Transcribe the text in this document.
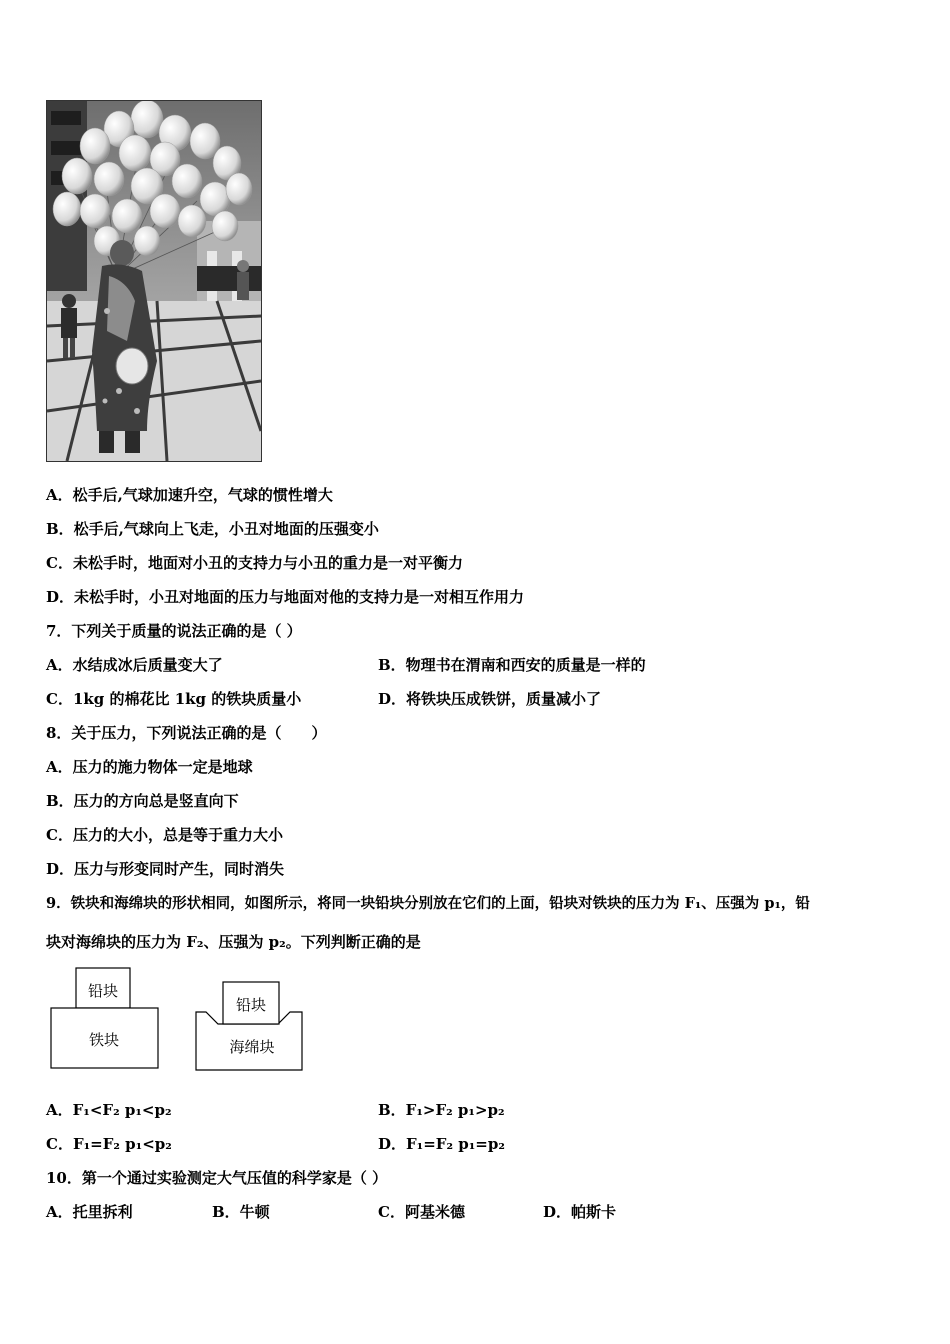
A．松手后,气球加速升空，气球的惯性增大
B．松手后,气球向上飞走，小丑对地面的压强变小
C．未松手时，地面对小丑的支持力与小丑的重力是一对平衡力
D．未松手时，小丑对地面的压力与地面对他的支持力是一对相互作用力
7．下列关于质量的说法正确的是（ ）
A．水结成冰后质量变大了	B．物理书在渭南和西安的质量是一样的
C．1kg 的棉花比 1kg 的铁块质量小	D．将铁块压成铁饼，质量减小了
8．关于压力，下列说法正确的是（　　）
A．压力的施力物体一定是地球
B．压力的方向总是竖直向下
C．压力的大小，总是等于重力大小
D．压力与形变同时产生，同时消失
9．铁块和海绵块的形状相同，如图所示，将同一块铅块分别放在它们的上面，铅块对铁块的压力为 F₁、压强为 p₁，铅
块对海绵块的压力为 F₂、压强为 p₂。下列判断正确的是
铅块
铁块
铅块
海绵块
A．F₁<F₂ p₁<p₂	B．F₁>F₂ p₁>p₂
C．F₁=F₂ p₁<p₂	D．F₁=F₂ p₁=p₂
10．第一个通过实验测定大气压值的科学家是（ ）
A．托里拆利	B．牛顿	C．阿基米德	D．帕斯卡
